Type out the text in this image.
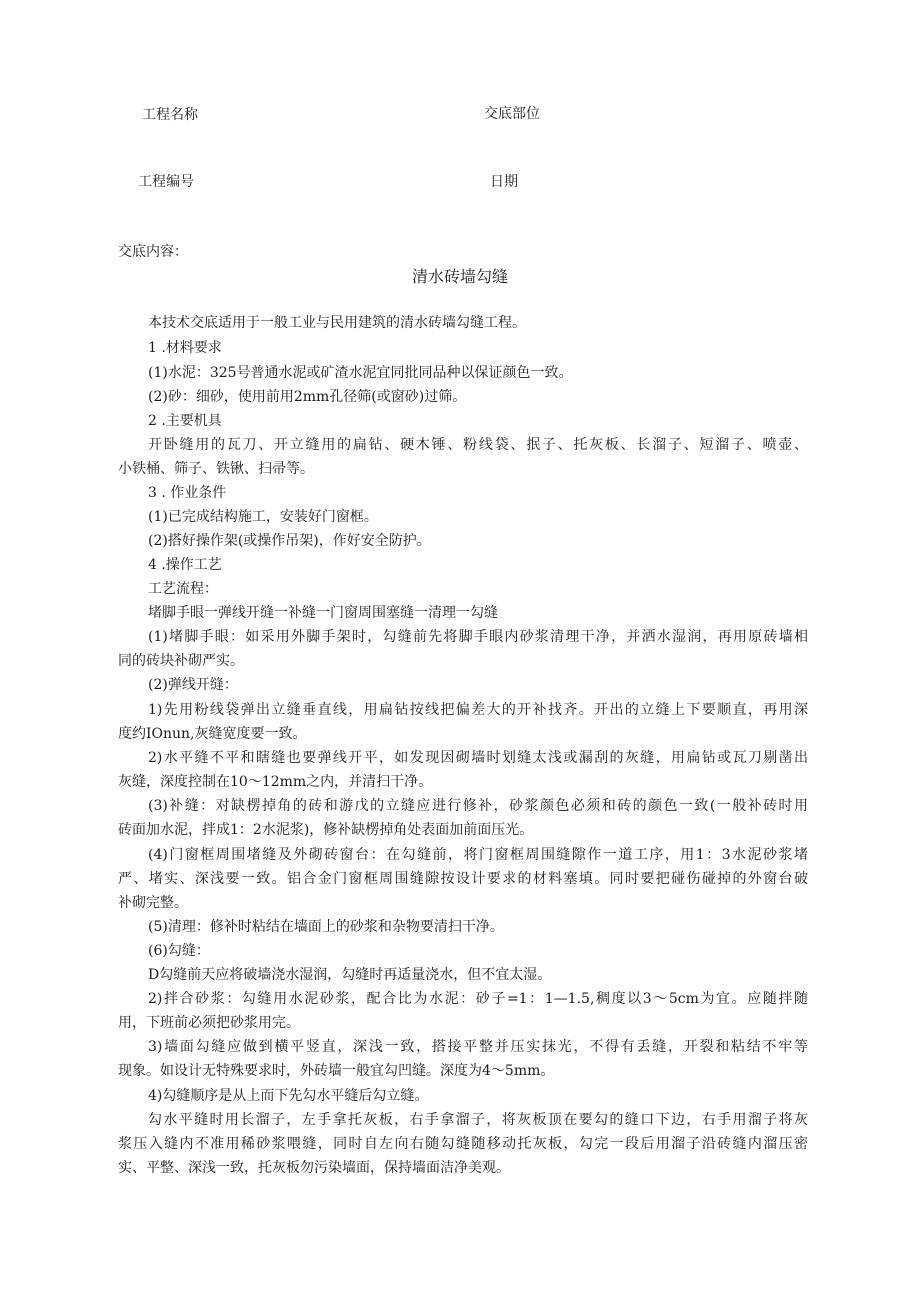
工程名称	交底部位
工程编号	日期
交底内容：
清水砖墙勾缝
本技术交底适用于一般工业与民用建筑的清水砖墙勾缝工程。
1 .材料要求
(1)水泥：325号普通水泥或矿渣水泥宜同批同品种以保证颜色一致。
(2)砂：细砂，使用前用2mm孔径筛(或窗砂)过筛。
2 .主要机具
开卧缝用的瓦刀、开立缝用的扁钻、硬木锤、粉线袋、抿子、托灰板、长溜子、短溜子、喷壶、
小铁桶、筛子、铁锹、扫帚等。
3 . 作业条件
(1)已完成结构施工，安装好门窗框。
(2)搭好操作架(或操作吊架)，作好安全防护。
4 .操作工艺
工艺流程：
堵脚手眼一弹线开缝一补缝一门窗周围塞缝一清理一勾缝
(1)堵脚手眼：如采用外脚手架时，勾缝前先将脚手眼内砂浆清理干净，并洒水湿润，再用原砖墙相
同的砖块补砌严实。
(2)弹线开缝：
1)先用粉线袋弹出立缝垂直线，用扁钻按线把偏差大的开补找齐。开出的立缝上下要顺直，再用深
度约IOnun,灰缝宽度要一致。
2)水平缝不平和瞎缝也要弹线开平，如发现因砌墙时划缝太浅或漏刮的灰缝，用扁钻或瓦刀剔凿出
灰缝，深度控制在10～12mm之内，并清扫干净。
(3)补缝：对缺楞掉角的砖和游戊的立缝应进行修补，砂浆颜色必须和砖的颜色一致(一般补砖时用
砖面加水泥，拌成1：2水泥浆)，修补缺楞掉角处表面加前面压光。
(4)门窗框周围堵缝及外砌砖窗台：在勾缝前，将门窗框周围缝隙作一道工序，用1：3水泥砂浆堵
严、堵实、深浅要一致。铝合金门窗框周围缝隙按设计要求的材料塞填。同时要把碰伤碰掉的外窗台破
补砌完整。
(5)清理：修补时粘结在墙面上的砂浆和杂物要清扫干净。
(6)勾缝：
D勾缝前天应将破墙浇水湿润，勾缝时再适量浇水，但不宜太湿。
2)拌合砂浆：勾缝用水泥砂浆，配合比为水泥：砂子=1：1—1.5,稠度以3～5cm为宜。应随拌随
用，下班前必须把砂浆用完。
3)墙面勾缝应做到横平竖直，深浅一致，搭接平整并压实抹光，不得有丢缝，开裂和粘结不牢等
现象。如设计无特殊要求时，外砖墙一般宜勾凹缝。深度为4～5mm。
4)勾缝顺序是从上而下先勾水平缝后勾立缝。
勾水平缝时用长溜子，左手拿托灰板，右手拿溜子，将灰板顶在要勾的缝口下边，右手用溜子将灰
浆压入缝内不准用稀砂浆喂缝，同时自左向右随勾缝随移动托灰板，勾完一段后用溜子沿砖缝内溜压密
实、平整、深浅一致，托灰板勿污染墙面，保持墙面洁净美观。
